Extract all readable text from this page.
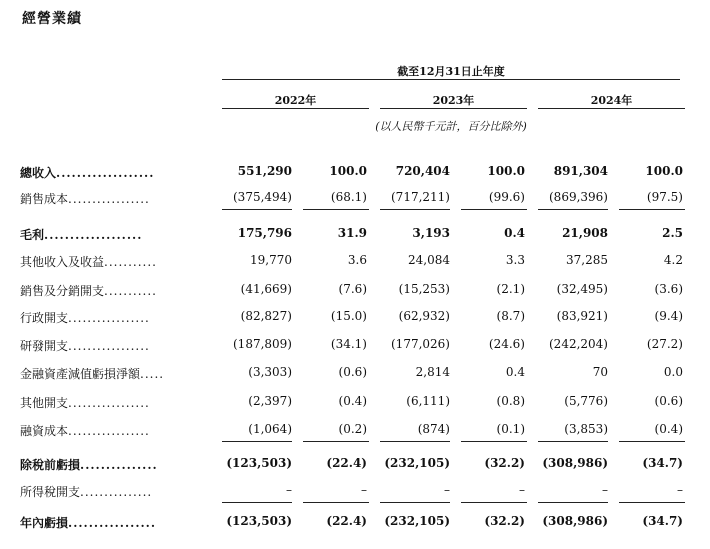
經營業績
截至12月31日止年度
2022年	2023年	2024年
(以人民幣千元計，百分比除外)
總收入...................	551,290	100.0	720,404	100.0	891,304	100.0
銷售成本.................	(375,494)	(68.1)	(717,211)	(99.6)	(869,396)	(97.5)
毛利...................	175,796	31.9	3,193	0.4	21,908	2.5
其他收入及收益...........	19,770	3.6	24,084	3.3	37,285	4.2
銷售及分銷開支...........	(41,669)	(7.6)	(15,253)	(2.1)	(32,495)	(3.6)
行政開支.................	(82,827)	(15.0)	(62,932)	(8.7)	(83,921)	(9.4)
研發開支.................	(187,809)	(34.1)	(177,026)	(24.6)	(242,204)	(27.2)
金融資產減值虧損淨額.....	(3,303)	(0.6)	2,814	0.4	70	0.0
其他開支.................	(2,397)	(0.4)	(6,111)	(0.8)	(5,776)	(0.6)
融資成本.................	(1,064)	(0.2)	(874)	(0.1)	(3,853)	(0.4)
除稅前虧損...............	(123,503)	(22.4)	(232,105)	(32.2)	(308,986)	(34.7)
所得稅開支...............	–	–	–	–	–	–
年內虧損.................	(123,503)	(22.4)	(232,105)	(32.2)	(308,986)	(34.7)
